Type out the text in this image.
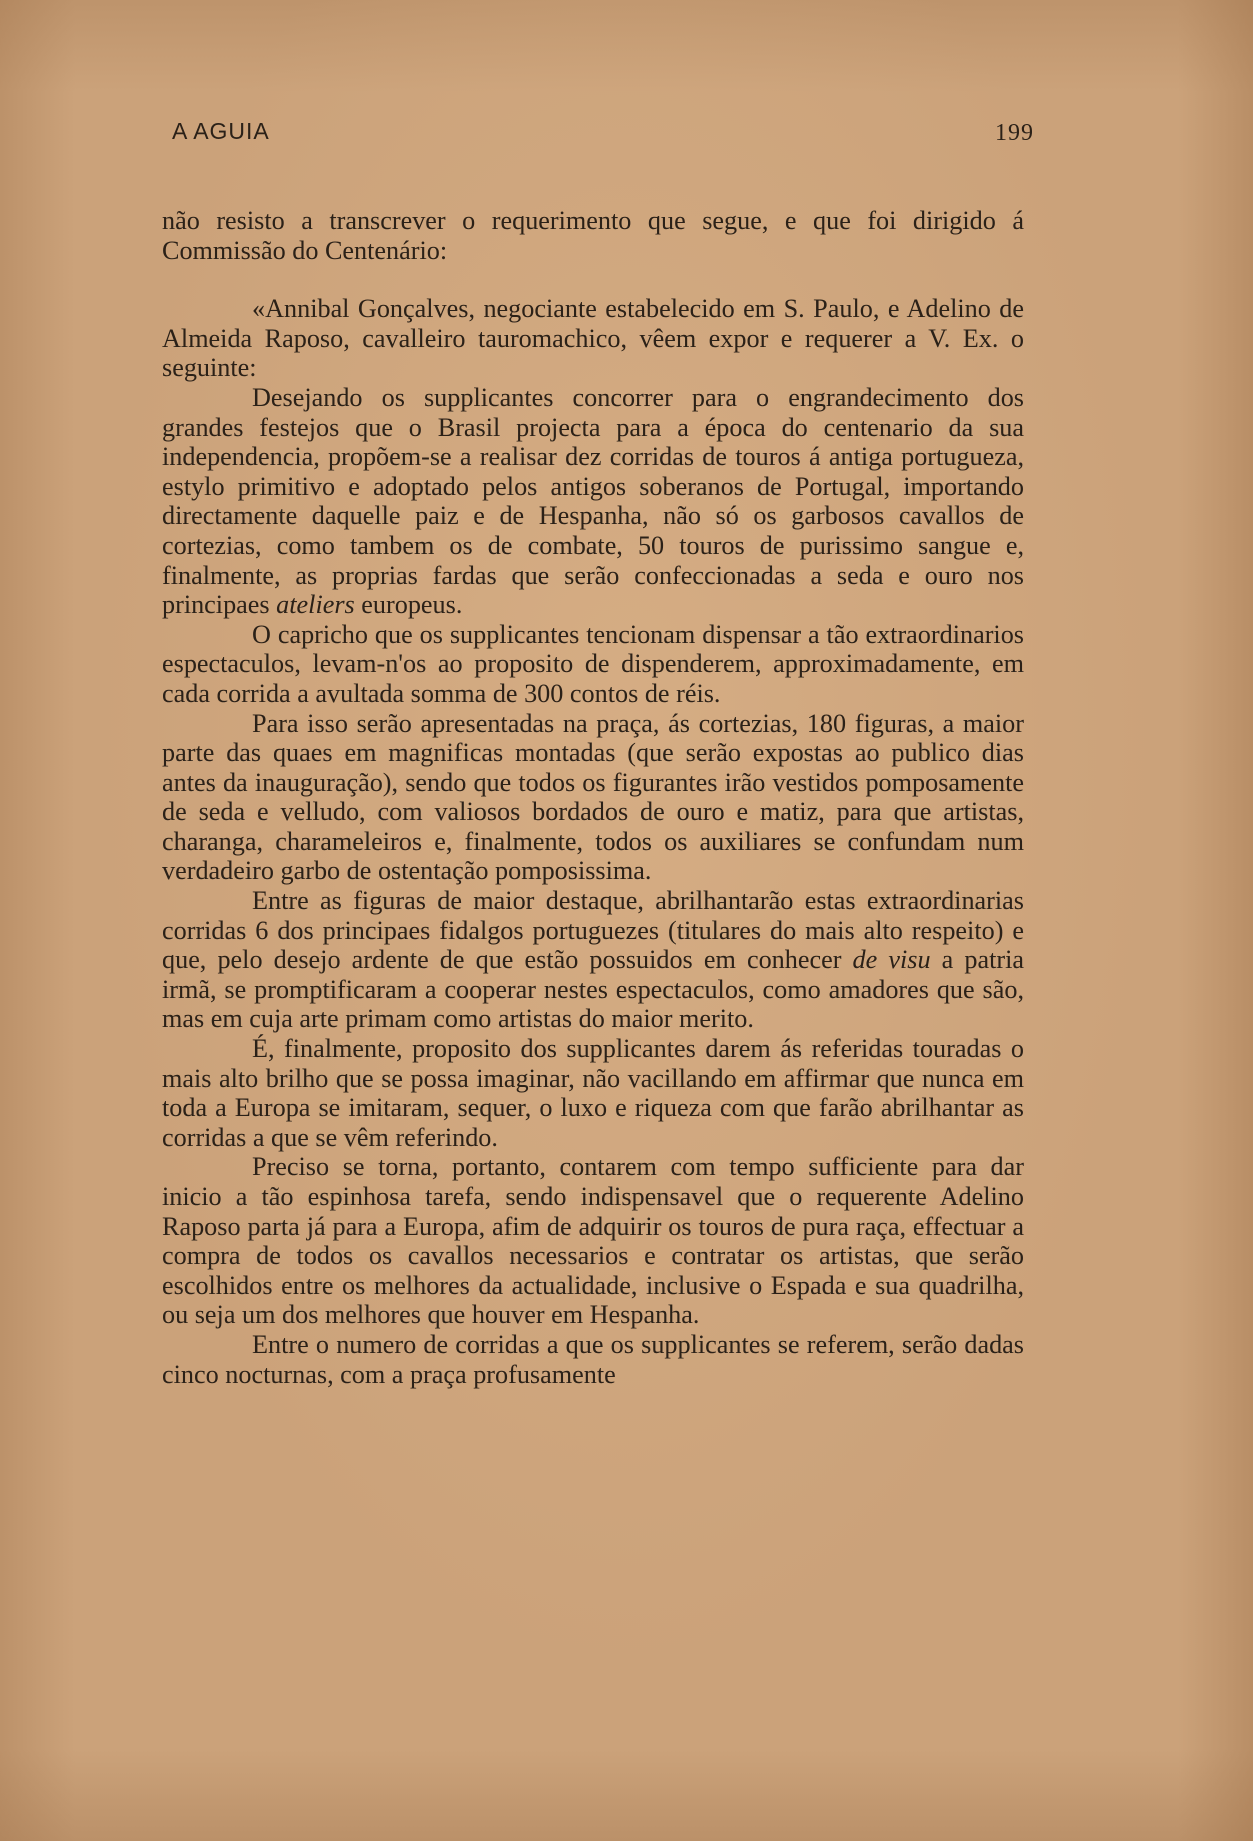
A AGUIA	199

não resisto a transcrever o requerimento que segue, e que foi dirigido á Commissão do Centenário:

«Annibal Gonçalves, negociante estabelecido em S. Paulo, e Adelino de Almeida Raposo, cavalleiro tauromachico, vêem expor e requerer a V. Ex. o seguinte:

Desejando os supplicantes concorrer para o engrandecimento dos grandes festejos que o Brasil projecta para a época do centenario da sua independencia, propõem-se a realisar dez corridas de touros á antiga portugueza, estylo primitivo e adoptado pelos antigos soberanos de Portugal, importando directamente daquelle paiz e de Hespanha, não só os garbosos cavallos de cortezias, como tambem os de combate, 50 touros de purissimo sangue e, finalmente, as proprias fardas que serão confeccionadas a seda e ouro nos principaes ateliers europeus.

O capricho que os supplicantes tencionam dispensar a tão extraordinarios espectaculos, levam-n'os ao proposito de dispenderem, approximadamente, em cada corrida a avultada somma de 300 contos de réis.

Para isso serão apresentadas na praça, ás cortezias, 180 figuras, a maior parte das quaes em magnificas montadas (que serão expostas ao publico dias antes da inauguração), sendo que todos os figurantes irão vestidos pomposamente de seda e velludo, com valiosos bordados de ouro e matiz, para que artistas, charanga, charameleiros e, finalmente, todos os auxiliares se confundam num verdadeiro garbo de ostentação pomposissima.

Entre as figuras de maior destaque, abrilhantarão estas extraordinarias corridas 6 dos principaes fidalgos portuguezes (titulares do mais alto respeito) e que, pelo desejo ardente de que estão possuidos em conhecer de visu a patria irmã, se promptificaram a cooperar nestes espectaculos, como amadores que são, mas em cuja arte primam como artistas do maior merito.

É, finalmente, proposito dos supplicantes darem ás referidas touradas o mais alto brilho que se possa imaginar, não vacillando em affirmar que nunca em toda a Europa se imitaram, sequer, o luxo e riqueza com que farão abrilhantar as corridas a que se vêm referindo.

Preciso se torna, portanto, contarem com tempo sufficiente para dar inicio a tão espinhosa tarefa, sendo indispensavel que o requerente Adelino Raposo parta já para a Europa, afim de adquirir os touros de pura raça, effectuar a compra de todos os cavallos necessarios e contratar os artistas, que serão escolhidos entre os melhores da actualidade, inclusive o Espada e sua quadrilha, ou seja um dos melhores que houver em Hespanha.

Entre o numero de corridas a que os supplicantes se referem, serão dadas cinco nocturnas, com a praça profusamente
